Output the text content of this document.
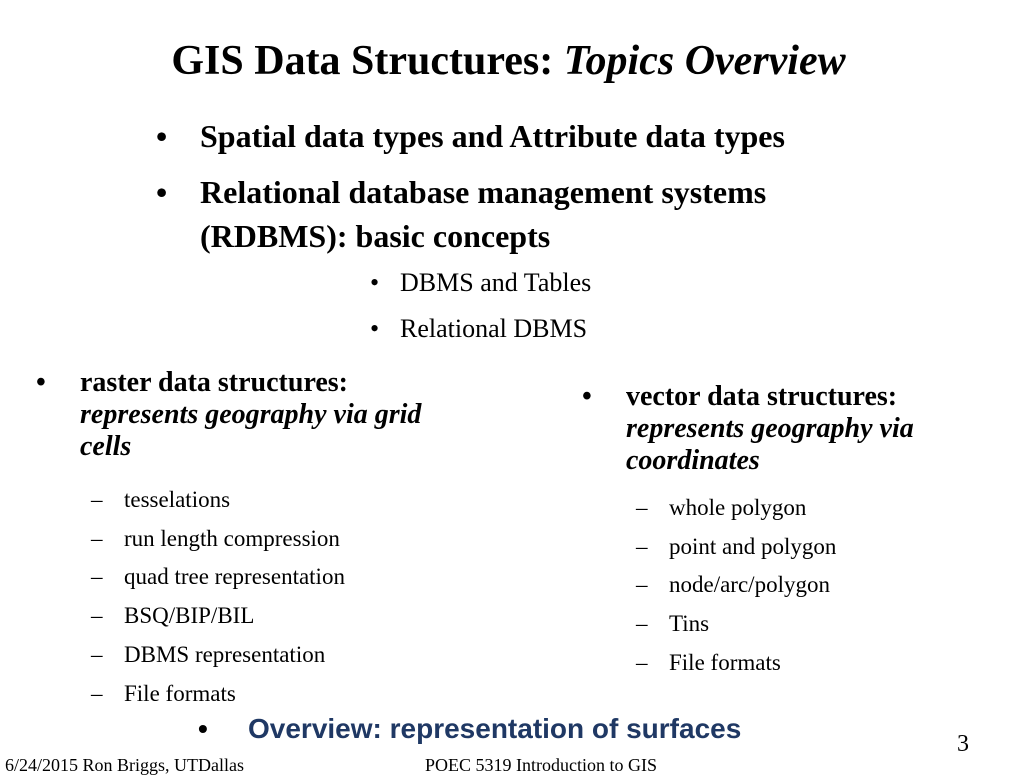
GIS Data Structures: Topics Overview
•	Spatial data types and Attribute data types
•	Relational database management systems (RDBMS): basic concepts
• DBMS and Tables
• Relational DBMS
•	raster data structures:
represents geography via grid cells
– tesselations
– run length compression
– quad tree representation
– BSQ/BIP/BIL
– DBMS representation
– File formats
•	vector data structures:
represents geography via coordinates
– whole polygon
– point and polygon
– node/arc/polygon
– Tins
– File formats
•	Overview: representation of surfaces	3
6/24/2015 Ron Briggs, UTDallas	POEC 5319 Introduction to GIS
